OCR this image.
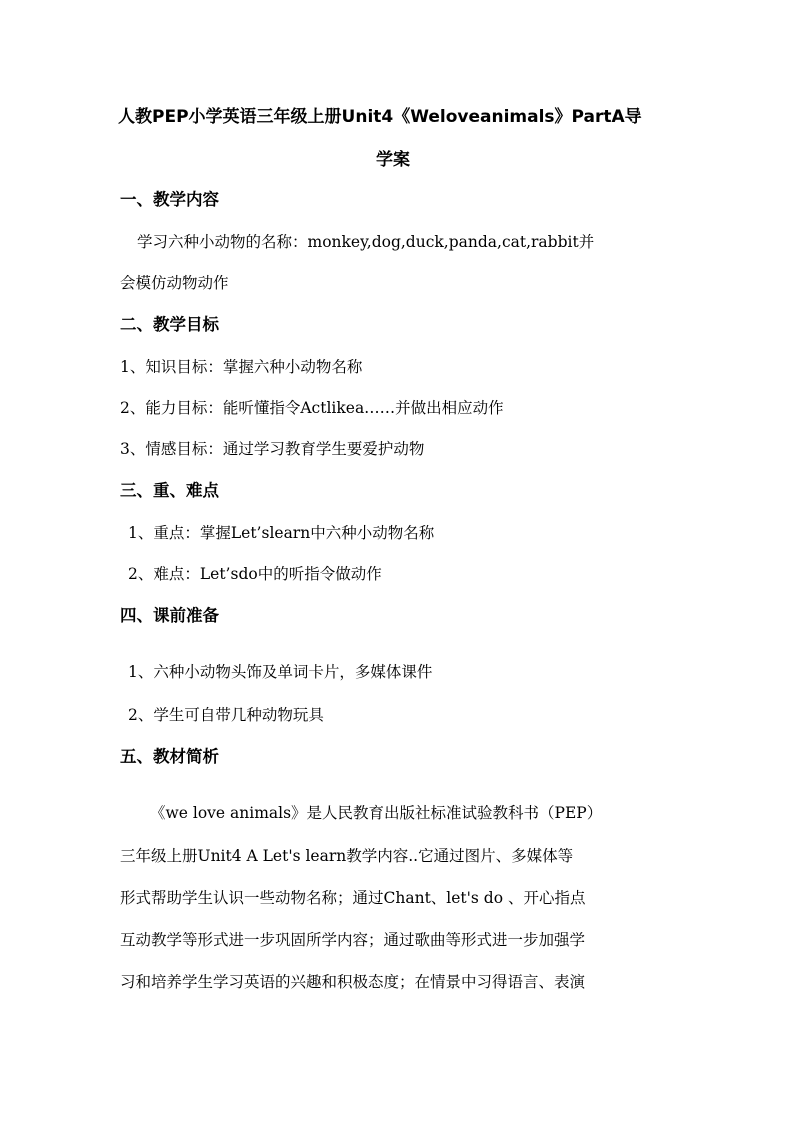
人教PEP小学英语三年级上册Unit4《Weloveanimals》PartA导
学案
一、教学内容
学习六种小动物的名称：monkey,dog,duck,panda,cat,rabbit并
会模仿动物动作
二、教学目标
1、知识目标：掌握六种小动物名称
2、能力目标：能听懂指令Actlikea……并做出相应动作
3、情感目标：通过学习教育学生要爱护动物
三、重、难点
1、重点：掌握Let’slearn中六种小动物名称
2、难点：Let’sdo中的听指令做动作
四、课前准备
1、六种小动物头饰及单词卡片，多媒体课件
2、学生可自带几种动物玩具
五、教材简析
《we love animals》是人民教育出版社标准试验教科书（PEP）
三年级上册Unit4 A Let's learn教学内容..它通过图片、多媒体等
形式帮助学生认识一些动物名称；通过Chant、let's do 、开心指点
互动教学等形式进一步巩固所学内容；通过歌曲等形式进一步加强学
习和培养学生学习英语的兴趣和积极态度；在情景中习得语言、表演
